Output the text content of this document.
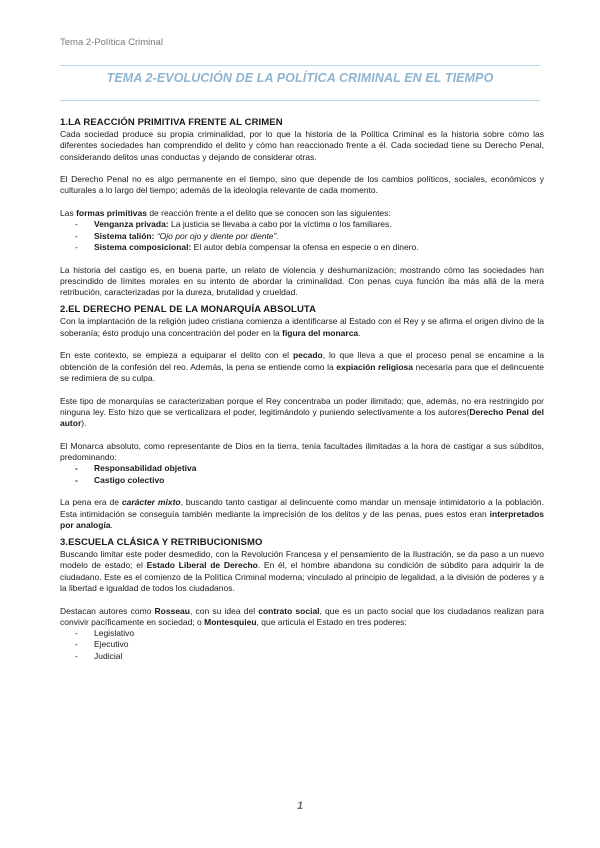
Tema 2-Política Criminal
TEMA 2-EVOLUCIÓN DE LA POLÍTICA CRIMINAL EN EL TIEMPO
1.LA REACCIÓN PRIMITIVA FRENTE AL CRIMEN

Cada sociedad produce su propia criminalidad, por lo que la historia de la Política Criminal es la historia sobre cómo las diferentes sociedades han comprendido el delito y cómo han reaccionado frente a él. Cada sociedad tiene su Derecho Penal, considerando delitos unas conductas y dejando de considerar otras.

El Derecho Penal no es algo permanente en el tiempo, sino que depende de los cambios políticos, sociales, económicos y culturales a lo largo del tiempo; además de la ideología relevante de cada momento.

Las formas primitivas de reacción frente a el delito que se conocen son las siguientes:

- Venganza privada: La justicia se llevaba a cabo por la víctima o los familiares.
- Sistema talión: “Ojo por ojo y diente por diente”.
- Sistema composicional: El autor debía compensar la ofensa en especie o en dinero.

La historia del castigo es, en buena parte, un relato de violencia y deshumanización; mostrando cómo las sociedades han prescindido de límites morales en su intento de abordar la criminalidad. Con penas cuya función iba más allá de la mera retribución, caracterizadas por la dureza, brutalidad y crueldad.

2.EL DERECHO PENAL DE LA MONARQUÍA ABSOLUTA

Con la implantación de la religión judeo cristiana comienza a identificarse al Estado con el Rey y se afirma el origen divino de la soberanía; ésto produjo una concentración del poder en la figura del monarca.

En este contexto, se empieza a equiparar el delito con el pecado, lo que lleva a que el proceso penal se encamine a la obtención de la confesión del reo. Además, la pena se entiende como la expiación religiosa necesaria para que el delincuente se redimiera de su culpa.

Este tipo de monarquías se caracterizaban porque el Rey concentraba un poder ilimitado; que, además, no era restringido por ninguna ley. Esto hizo que se verticalizara el poder, legitimándolo y puniendo selectivamente a los autores(Derecho Penal del autor).

El Monarca absoluto, como representante de Dios en la tierra, tenía facultades ilimitadas a la hora de castigar a sus súbditos, predominando:

- Responsabilidad objetiva
- Castigo colectivo

La pena era de carácter mixto, buscando tanto castigar al delincuente como mandar un mensaje intimidatorio a la población. Esta intimidación se conseguía también mediante la imprecisión de los delitos y de las penas, pues estos eran interpretados por analogía.

3.ESCUELA CLÁSICA Y RETRIBUCIONISMO

Buscando limitar este poder desmedido, con la Revolución Francesa y el pensamiento de la Ilustración, se da paso a un nuevo modelo de estado; el Estado Liberal de Derecho. En él, el hombre abandona su condición de súbdito para adquirir la de ciudadano. Este es el comienzo de la Política Criminal moderna; vinculado al principio de legalidad, a la división de poderes y a la libertad e igualdad de todos los ciudadanos.

Destacan autores como Rosseau, con su idea del contrato social, que es un pacto social que los ciudadanos realizan para convivir pacíficamente en sociedad; o Montesquieu, que articula el Estado en tres poderes:

- Legislativo
- Ejecutivo
- Judicial
1
